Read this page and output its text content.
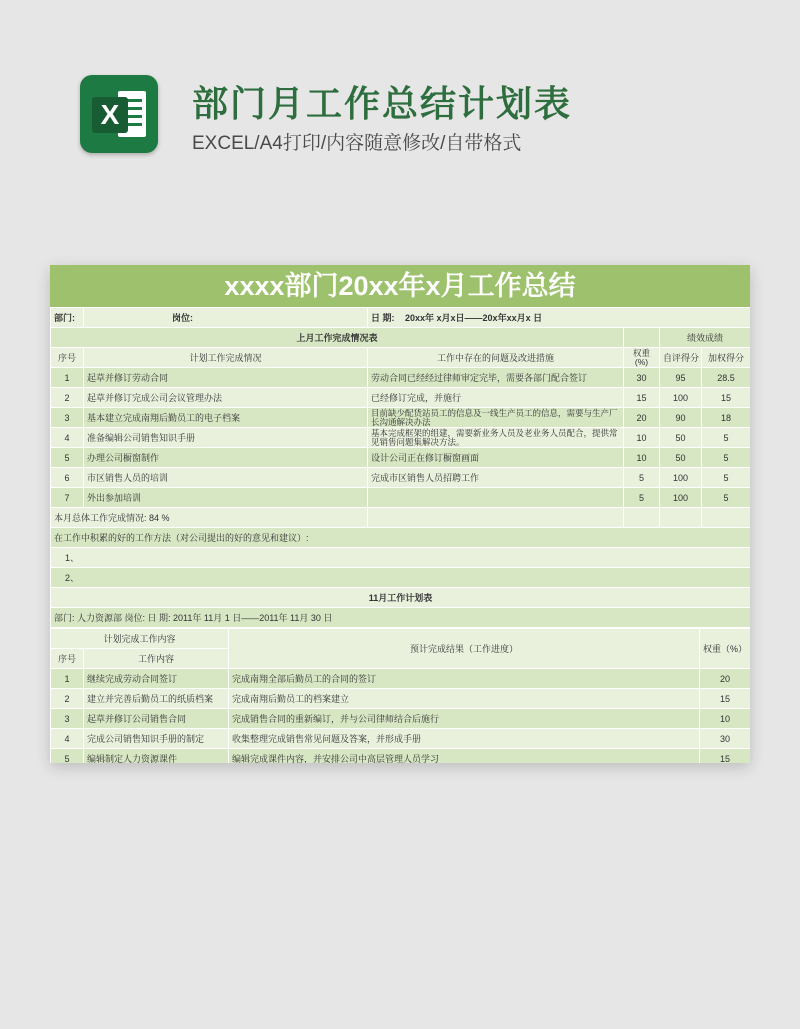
X 部门月工作总结计划表
EXCEL/A4打印/内容随意修改/自带格式
xxxx部门20xx年x月工作总结
部门:	岗位:	日 期: 20xx年 x月x日——20x年xx月x 日			
上月工作完成情况表				绩效成绩	
序号	计划工作完成情况	工作中存在的问题及改进措施	权重(%)	自评得分	加权得分
1	起草并修订劳动合同	劳动合同已经经过律师审定完毕，需要各部门配合签订	30	95	28.5
2	起草并修订完成公司会议管理办法	已经修订完成，并施行	15	100	15
3	基本建立完成南翔后勤员工的电子档案	目前缺少配货站员工的信息及一线生产员工的信息，需要与生产厂长沟通解决办法	20	90	18
4	准备编辑公司销售知识手册	基本完成框架的组建，需要新业务人员及老业务人员配合，提供常见销售问题集解决方法。	10	50	5
5	办理公司橱窗制作	设计公司正在修订橱窗画面	10	50	5
6	市区销售人员的培训	完成市区销售人员招聘工作	5	100	5
7	外出参加培训		5	100	5
本月总体工作完成情况: 84 %					
在工作中积累的好的工作方法（对公司提出的好的意见和建议）:					
1、					
2、					
11月工作计划表					
部门: 人力资源部 岗位: 日 期: 2011年 11月 1 日——2011年 11月 30 日					
计划完成工作内容		预计完成结果（工作进度）	权重（%）
序号	工作内容		
1	继续完成劳动合同签订	完成南翔全部后勤员工的合同的签订	20
2	建立并完善后勤员工的纸质档案	完成南翔后勤员工的档案建立	15
3	起草并修订公司销售合同	完成销售合同的重新编订，并与公司律师结合后施行	10
4	完成公司销售知识手册的制定	收集整理完成销售常见问题及答案，并形成手册	30
5	编辑制定人力资源课件	编辑完成课件内容，并安排公司中高层管理人员学习	15
